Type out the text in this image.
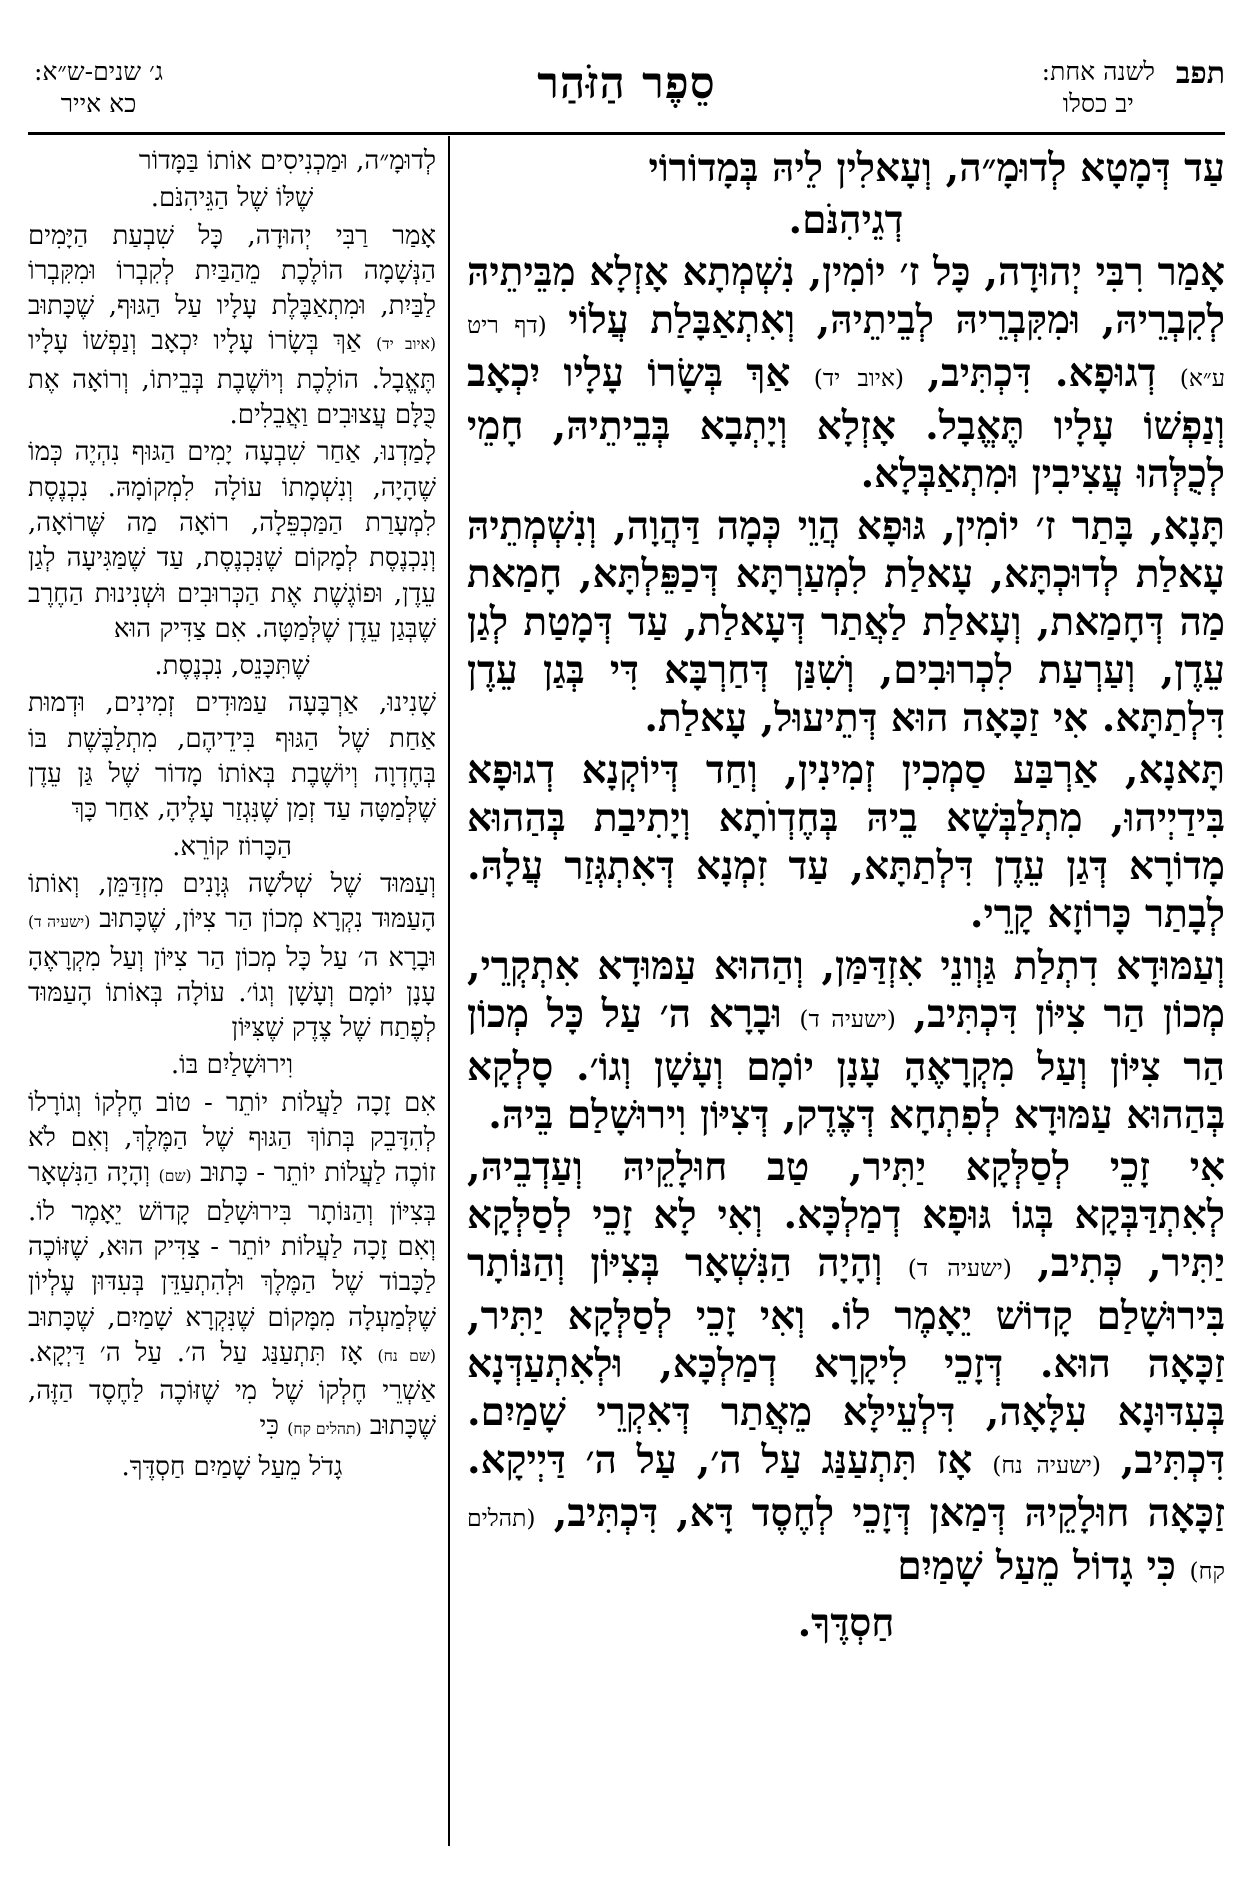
תפב
לשנה אחת:
יב כסלו
סֵפֶר הַזֹּהַר
ג׳ שנים-ש״א:
כא אייר

עַד דְּמָטָא לְדוּמָ״ה, וְעָאלִין לֵיהּ בְּמָדוֹרוֹי

דְגֵיהִנֹּם.

אָמַר רִבִּי יְהוּדָה, כָּל ז׳ יוֹמִין, נִשְׁמְתָא אָזְלָא מִבֵּיתֵיהּ לְקִבְרֵיהּ, וּמִקִּבְרֵיהּ לְבֵיתֵיהּ, וְאִתְאַבָּלַת עֲלוֹי (דף ריט ע״א) דְגוּפָא. דִּכְתִּיב, (איוב יד) אַךְ בְּשָׂרוֹ עָלָיו יִכְאָב וְנַפְשׁוֹ עָלָיו תֶּאֱבָל. אָזְלָא וְיָתְבָא בְּבֵיתֵיהּ, חָמֵי לְכֻלְּהוּ עֲצִיבִין וּמִתְאַבְּלָא.

תָּנָא, בָּתַר ז׳ יוֹמִין, גּוּפָא הֲוֵי כְּמָה דַּהֲוָה, וְנִשְׁמְתֵיהּ עָאלַת לְדוּכְתָּא, עָאלַת לִמְעַרְתָּא דְּכַפֵּלְתָּא, חָמַאת מַה דְּחָמַאת, וְעָאלַת לַאֲתַר דְּעָאלַת, עַד דְּמָטַת לְגַן עֵדֶן, וְעַרְעַת לִכְרוּבִים, וְשִׁנַּן דְּחַרְבָּא דִּי בְּגַן עֵדֶן דִּלְתַתָּא. אִי זַכָּאָה הוּא דְּתֵיעוּל, עָאלַת.

תָּאנָא, אַרְבַּע סַמְכִין זְמִינִין, וְחַד דְּיוֹקְנָא דְגוּפָא בִּידַיְיהוּ, מִתְלַבְּשָׁא בֵיהּ בְּחֶדְוֺתָא וְיָתִיבַת בְּהַהוּא מָדוֹרָא דְּגַן עֵדֶן דִּלְתַתָּא, עַד זִמְנָא דְּאִתְגְּזַר עֲלָהּ. לְבָתַר כָּרוֹזָא קָרֵי.

וְעַמּוּדָא דִתְלַת גַּוְונֵי אִזְדַּמַּן, וְהַהוּא עַמּוּדָא אִתְקְרֵי, מְכוֹן הַר צִיּוֹן דִּכְתִּיב, (ישעיה ד) וּבָרָא ה׳ עַל כָּל מְכוֹן הַר צִיּוֹן וְעַל מִקְרָאֶהָ עָנָן יוֹמָם וְעָשָׁן וְגוֹ׳. סָלְקָא בְּהַהוּא עַמּוּדָא לְפִתְחָא דְּצֶדֶק, דְּצִיּוֹן וִירוּשָׁלַם בֵּיהּ.

אִי זָכֵי לְסַלְּקָא יַתִּיר, טַב חוּלָקֵיהּ וְעַדְבֵיהּ, לְאִתְדַּבְּקָא בְּגוֹ גּוּפָא דְמַלְכָּא. וְאִי לָא זָכֵי לְסַלְּקָא יַתִּיר, כְּתִיב, (ישעיה ד) וְהָיָה הַנִּשְׁאָר בְּצִיּוֹן וְהַנּוֹתָר בִּירוּשָׁלַם קָדוֹשׁ יֵאָמֶר לוֹ. וְאִי זָכֵי לְסַלְּקָא יַתִּיר, זַכָּאָה הוּא. דְּזָכֵי לִיקָרָא דְמַלְכָּא, וּלְאִתְעַדְּנָא בְּעִדּוּנָא עִלָּאָה, דִּלְעֵילָּא מֵאֲתַר דְּאִקְרֵי שָׁמַיִם. דִּכְתִּיב, (ישעיה נח) אָז תִּתְעַנַּג עַל ה׳, עַל ה׳ דַּיְיקָא. זַכָּאָה חוּלָקֵיהּ דְּמַאן דְּזָכֵי לְחֶסֶד דָּא, דִּכְתִּיב, (תהלים קח) כִּי גָדוֹל מֵעַל שָׁמַיִם

חַסְדֶּךָ.

לְדוּמָ״ה, וּמַכְנִיסִים אוֹתוֹ בַּמָּדוֹר

שֶׁלּוֹ שֶׁל הַגֵּיהִנֹּם.

אָמַר רַבִּי יְהוּדָה, כָּל שִׁבְעַת הַיָּמִים הַנְּשָׁמָה הוֹלֶכֶת מֵהַבַּיִת לְקִבְרוֹ וּמִקִּבְרוֹ לַבַּיִת, וּמִתְאַבֶּלֶת עָלָיו עַל הַגּוּף, שֶׁכָּתוּב (איוב יד) אַךְ בְּשָׂרוֹ עָלָיו יִכְאָב וְנַפְשׁוֹ עָלָיו תֶּאֱבָל. הוֹלֶכֶת וְיוֹשֶׁבֶת בְּבֵיתוֹ, וְרוֹאָה אֶת כֻּלָּם עֲצוּבִים וַאֲבֵלִים.

לָמַדְנוּ, אַחַר שִׁבְעָה יָמִים הַגּוּף נִהְיֶה כְּמוֹ שֶׁהָיָה, וְנִשְׁמָתוֹ עוֹלָה לִמְקוֹמָהּ. נִכְנֶסֶת לִמְעָרַת הַמַּכְפֵּלָה, רוֹאָה מַה שֶּׁרוֹאָה, וְנִכְנֶסֶת לְמָקוֹם שֶׁנִּכְנֶסֶת, עַד שֶׁמַּגִּיעָה לְגַן עֵדֶן, וּפוֹגֶשֶׁת אֶת הַכְּרוּבִים וּשְׁנִינוּת הַחֶרֶב שֶׁבְּגַן עֵדֶן שֶׁלְּמַטָּה. אִם צַדִּיק הוּא

שֶׁתִּכָּנֵס, נִכְנֶסֶת.

שָׁנִינוּ, אַרְבָּעָה עַמּוּדִים זְמִינִים, וּדְמוּת אַחַת שֶׁל הַגּוּף בִּידֵיהֶם, מִתְלַבֶּשֶׁת בּוֹ בְּחֶדְוָה וְיוֹשֶׁבֶת בְּאוֹתוֹ מָדוֹר שֶׁל גַּן עֵדֶן שֶׁלְּמַטָּה עַד זְמַן שֶׁנִּגְזַר עָלֶיהָ, אַחַר כָּךְ

הַכָּרוֹז קוֹרֵא.

וְעַמּוּד שֶׁל שְׁלֹשָׁה גְּוָנִים מִזְדַּמֵּן, וְאוֹתוֹ הָעַמּוּד נִקְרָא מְכוֹן הַר צִיּוֹן, שֶׁכָּתוּב (ישעיה ד) וּבָרָא ה׳ עַל כָּל מְכוֹן הַר צִיּוֹן וְעַל מִקְרָאֶהָ עָנָן יוֹמָם וְעָשָׁן וְגוֹ׳. עוֹלָה בְּאוֹתוֹ הָעַמּוּד לְפֶתַח שֶׁל צֶדֶק שֶׁצִּיּוֹן

וִירוּשָׁלַיִם בּוֹ.

אִם זָכָה לַעֲלוֹת יוֹתֵר - טוֹב חֶלְקוֹ וְגוֹרָלוֹ לְהִדָּבֵק בְּתוֹךְ הַגּוּף שֶׁל הַמֶּלֶךְ, וְאִם לֹא זוֹכֶה לַעֲלוֹת יוֹתֵר - כָּתוּב (שם) וְהָיָה הַנִּשְׁאָר בְּצִיּוֹן וְהַנּוֹתָר בִּירוּשָׁלַם קָדוֹשׁ יֵאָמֶר לוֹ. וְאִם זָכָה לַעֲלוֹת יוֹתֵר - צַדִּיק הוּא, שֶׁזּוֹכֶה לַכָּבוֹד שֶׁל הַמֶּלֶךְ וּלְהִתְעַדֵּן בְּעִדּוּן עֶלְיוֹן שֶׁלְּמַעְלָה מִמָּקוֹם שֶׁנִּקְרָא שָׁמַיִם, שֶׁכָּתוּב (שם נח) אָז תִּתְעַנַּג עַל ה׳. עַל ה׳ דַּיְקָא. אַשְׁרֵי חֶלְקוֹ שֶׁל מִי שֶׁזּוֹכֶה לַחֶסֶד הַזֶּה, שֶׁכָּתוּב (תהלים קח) כִּי

גָדֹל מֵעַל שָׁמַיִם חַסְדֶּךָ.
